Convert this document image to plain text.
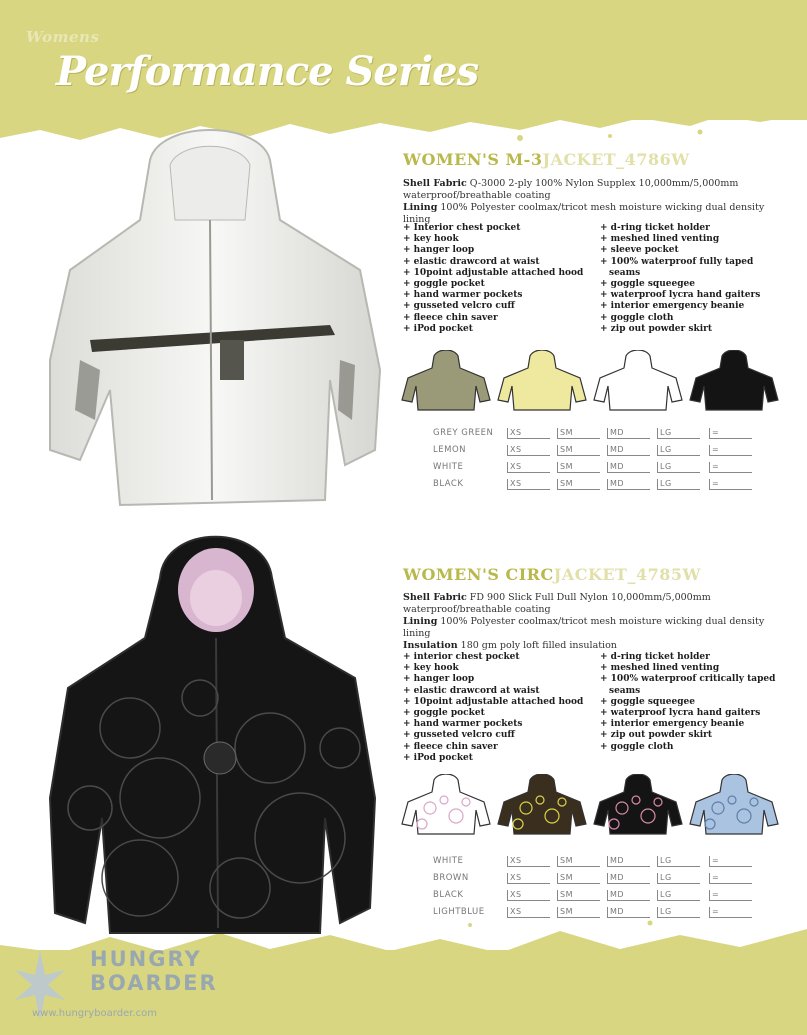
Womens
Performance Series
WOMEN'S M-3JACKET_4786W
Shell Fabric Q-3000 2-ply 100% Nylon Supplex 10,000mm/5,000mm waterproof/breathable coating
Lining 100% Polyester coolmax/tricot mesh moisture wicking dual density lining
+ Interior chest pocket
+ key hook
+ hanger loop
+ elastic drawcord at waist
+ 10point adjustable attached hood
+ goggle pocket
+ hand warmer pockets
+ gusseted velcro cuff
+ fleece chin saver
+ iPod pocket
+ d-ring ticket holder
+ meshed lined venting
+ sleeve pocket
+ 100% waterproof fully taped
seams
+ goggle squeegee
+ waterproof lycra hand gaiters
+ interior emergency beanie
+ goggle cloth
+ zip out powder skirt
GREY GREEN	XS	SM	MD	LG	=
LEMON	XS	SM	MD	LG	=
WHITE	XS	SM	MD	LG	=
BLACK	XS	SM	MD	LG	=
WOMEN'S CIRCJACKET_4785W
Shell Fabric FD 900 Slick Full Dull Nylon 10,000mm/5,000mm waterproof/breathable coating
Lining 100% Polyester coolmax/tricot mesh moisture wicking dual density lining
Insulation 180 gm poly loft filled insulation
+ interior chest pocket
+ key hook
+ hanger loop
+ elastic drawcord at waist
+ 10point adjustable attached hood
+ goggle pocket
+ hand warmer pockets
+ gusseted velcro cuff
+ fleece chin saver
+ iPod pocket
+ d-ring ticket holder
+ meshed lined venting
+ 100% waterproof critically taped
seams
+ goggle squeegee
+ waterproof lycra hand gaiters
+ interior emergency beanie
+ zip out powder skirt
+ goggle cloth
WHITE	XS	SM	MD	LG	=
BROWN	XS	SM	MD	LG	=
BLACK	XS	SM	MD	LG	=
LIGHTBLUE	XS	SM	MD	LG	=
HUNGRY
BOARDER
www.hungryboarder.com
